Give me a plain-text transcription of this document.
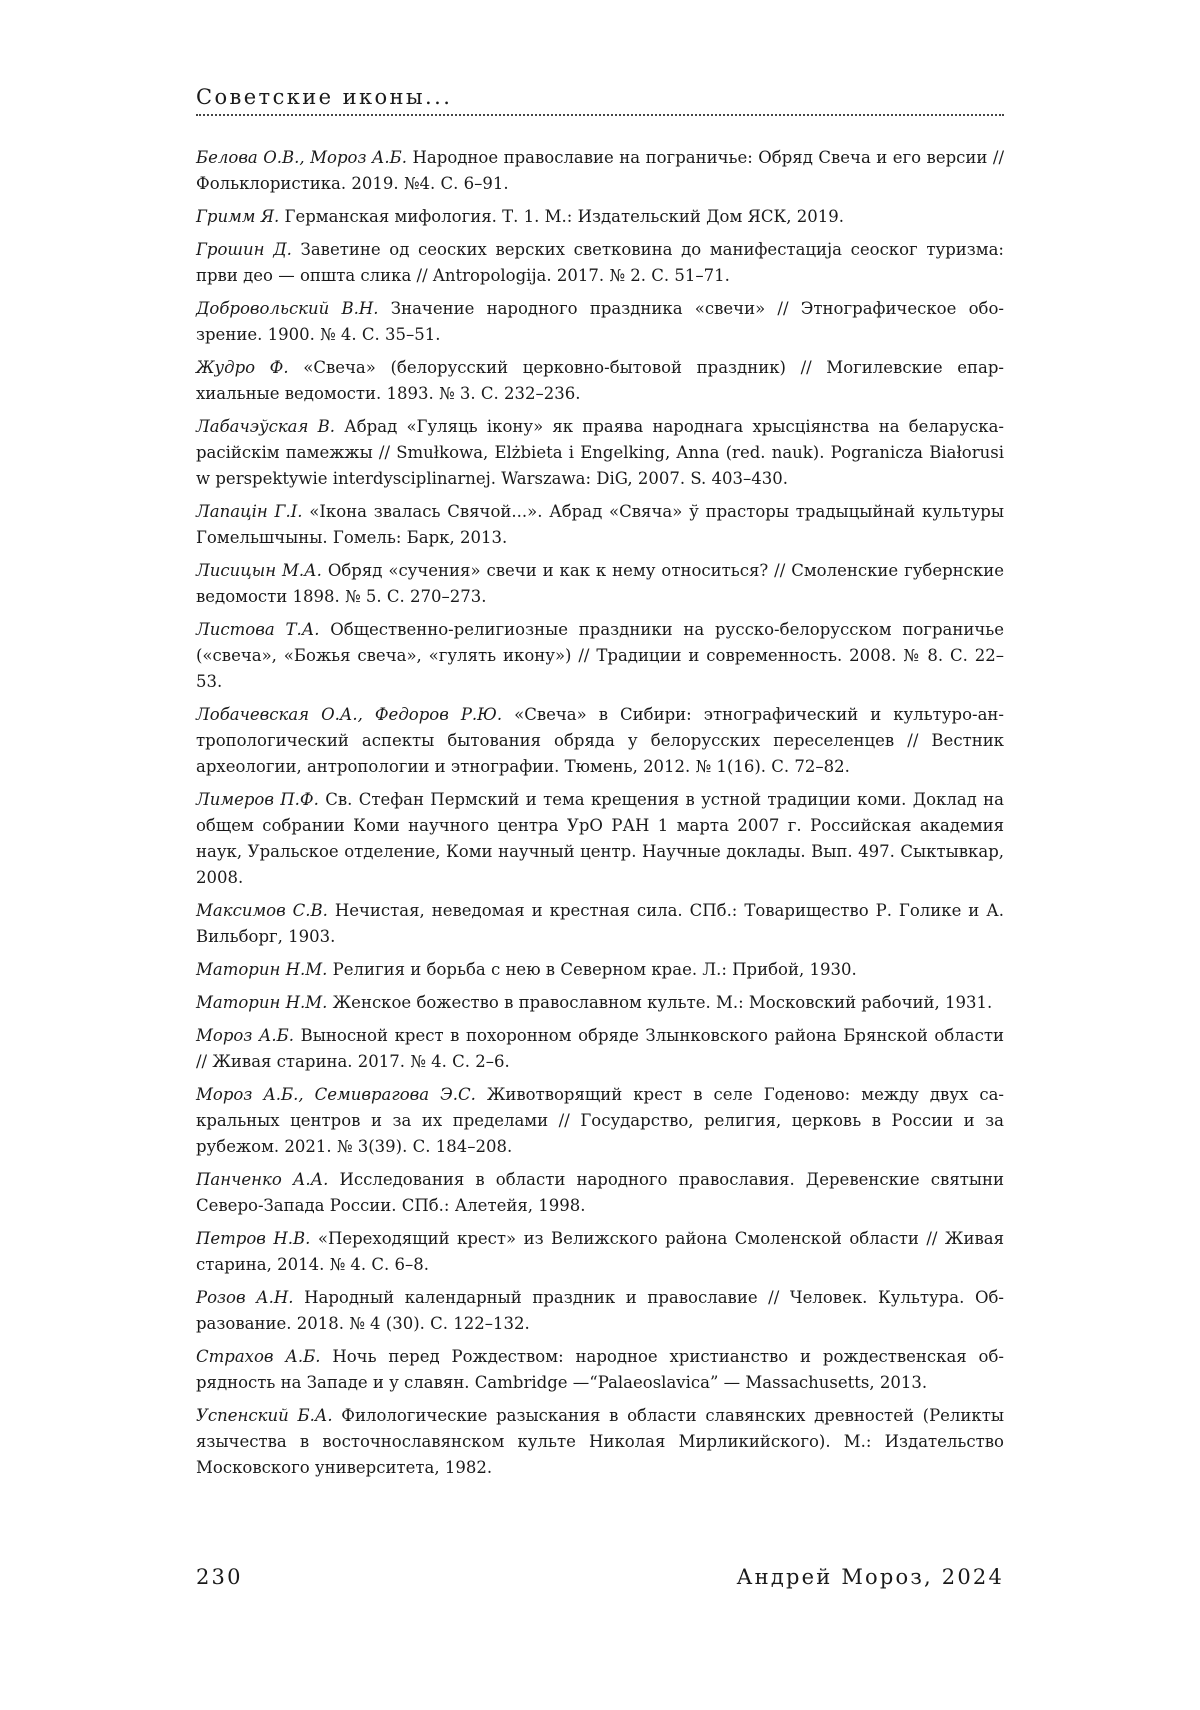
Советские иконы...
Белова О.В., Мороз А.Б. Народное православие на пограничье: Обряд Свеча и его версии // Фольклористика. 2019. №4. С. 6–91.
Гримм Я. Германская мифология. Т. 1. М.: Издательский Дом ЯСК, 2019.
Грошин Д. Заветине од сеоских верских светковина до манифестација сеоског туризма: први део — општа слика // Antropologija. 2017. № 2. С. 51–71.
Добровольский В.Н. Значение народного праздника «свечи» // Этнографическое обозрение. 1900. № 4. С. 35–51.
Жудро Ф. «Свеча» (белорусский церковно-бытовой праздник) // Могилевские епархиальные ведомости. 1893. № 3. С. 232–236.
Лабачэўская В. Абрад «Гуляць ікону» як праява народнага хрысціянства на беларуска-расійскім памежжы // Smułkowa, Elżbieta i Engelking, Anna (red. nauk). Pogranicza Białorusi w perspektywie interdysciplinarnej. Warszawa: DiG, 2007. S. 403–430.
Лапацін Г.І. «Ікона звалась Свячой...». Абрад «Свяча» ў прасторы традыцыйнай культуры Гомельшчыны. Гомель: Барк, 2013.
Лисицын М.А. Обряд «сучения» свечи и как к нему относиться? // Смоленские губернские ведомости 1898. № 5. С. 270–273.
Листова Т.А. Общественно-религиозные праздники на русско-белорусском пограничье («свеча», «Божья свеча», «гулять икону») // Традиции и современность. 2008. № 8. С. 22–53.
Лобачевская О.А., Федоров Р.Ю. «Свеча» в Сибири: этнографический и культуро-антропологический аспекты бытования обряда у белорусских переселенцев // Вестник археологии, антропологии и этнографии. Тюмень, 2012. № 1(16). С. 72–82.
Лимеров П.Ф. Св. Стефан Пермский и тема крещения в устной традиции коми. Доклад на общем собрании Коми научного центра УрО РАН 1 марта 2007 г. Российская академия наук, Уральское отделение, Коми научный центр. Научные доклады. Вып. 497. Сыктывкар, 2008.
Максимов С.В. Нечистая, неведомая и крестная сила. СПб.: Товарищество Р. Голике и А. Вильборг, 1903.
Маторин Н.М. Религия и борьба с нею в Северном крае. Л.: Прибой, 1930.
Маторин Н.М. Женское божество в православном культе. М.: Московский рабочий, 1931.
Мороз А.Б. Выносной крест в похоронном обряде Злынковского района Брянской области // Живая старина. 2017. № 4. С. 2–6.
Мороз А.Б., Семивpагова Э.С. Животворящий крест в селе Годеново: между двух сакральных центров и за их пределами // Государство, религия, церковь в России и за рубежом. 2021. № 3(39). С. 184–208.
Панченко А.А. Исследования в области народного православия. Деревенские святыни Северо-Запада России. СПб.: Алетейя, 1998.
Петров Н.В. «Переходящий крест» из Велижского района Смоленской области // Живая старина, 2014. № 4. С. 6–8.
Розов А.Н. Народный календарный праздник и православие // Человек. Культура. Образование. 2018. № 4 (30). С. 122–132.
Страхов А.Б. Ночь перед Рождеством: народное христианство и рождественская обрядность на Западе и у славян. Cambridge —“Palaeoslavica” — Massachusetts, 2013.
Успенский Б.А. Филологические разыскания в области славянских древностей (Реликты язычества в восточнославянском культе Николая Мирликийского). М.: Издательство Московского университета, 1982.
230	Андрей Мороз, 2024
